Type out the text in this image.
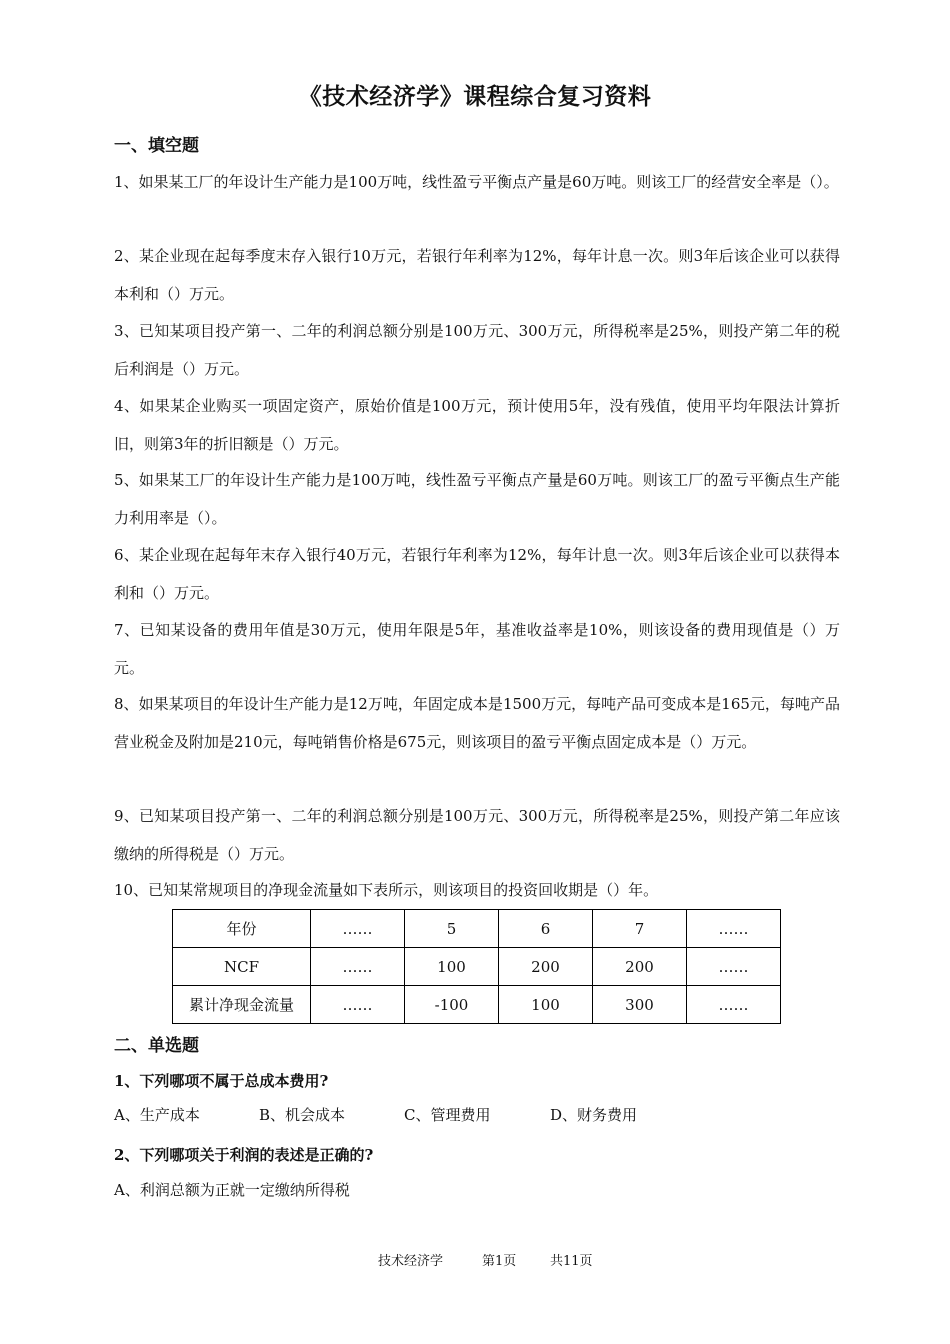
《技术经济学》课程综合复习资料
一、填空题

1、如果某工厂的年设计生产能力是100万吨，线性盈亏平衡点产量是60万吨。则该工厂的经营安全率是（）。

2、某企业现在起每季度末存入银行10万元，若银行年利率为12%，每年计息一次。则3年后该企业可以获得本利和（）万元。

3、已知某项目投产第一、二年的利润总额分别是100万元、300万元，所得税率是25%，则投产第二年的税后利润是（）万元。

4、如果某企业购买一项固定资产，原始价值是100万元，预计使用5年，没有残值，使用平均年限法计算折旧，则第3年的折旧额是（）万元。

5、如果某工厂的年设计生产能力是100万吨，线性盈亏平衡点产量是60万吨。则该工厂的盈亏平衡点生产能力利用率是（）。

6、某企业现在起每年末存入银行40万元，若银行年利率为12%，每年计息一次。则3年后该企业可以获得本利和（）万元。

7、已知某设备的费用年值是30万元，使用年限是5年，基准收益率是10%，则该设备的费用现值是（）万元。

8、如果某项目的年设计生产能力是12万吨，年固定成本是1500万元，每吨产品可变成本是165元，每吨产品营业税金及附加是210元，每吨销售价格是675元，则该项目的盈亏平衡点固定成本是（）万元。

9、已知某项目投产第一、二年的利润总额分别是100万元、300万元，所得税率是25%，则投产第二年应该缴纳的所得税是（）万元。

10、已知某常规项目的净现金流量如下表所示，则该项目的投资回收期是（）年。

年份	……	5	6	7	……
NCF	……	100	200	200	……
累计净现金流量	……	-100	100	300	……
二、单选题
1、下列哪项不属于总成本费用?
A、生产成本	B、机会成本	C、管理费用	D、财务费用
2、下列哪项关于利润的表述是正确的?
A、利润总额为正就一定缴纳所得税
技术经济学	第1页	共11页
